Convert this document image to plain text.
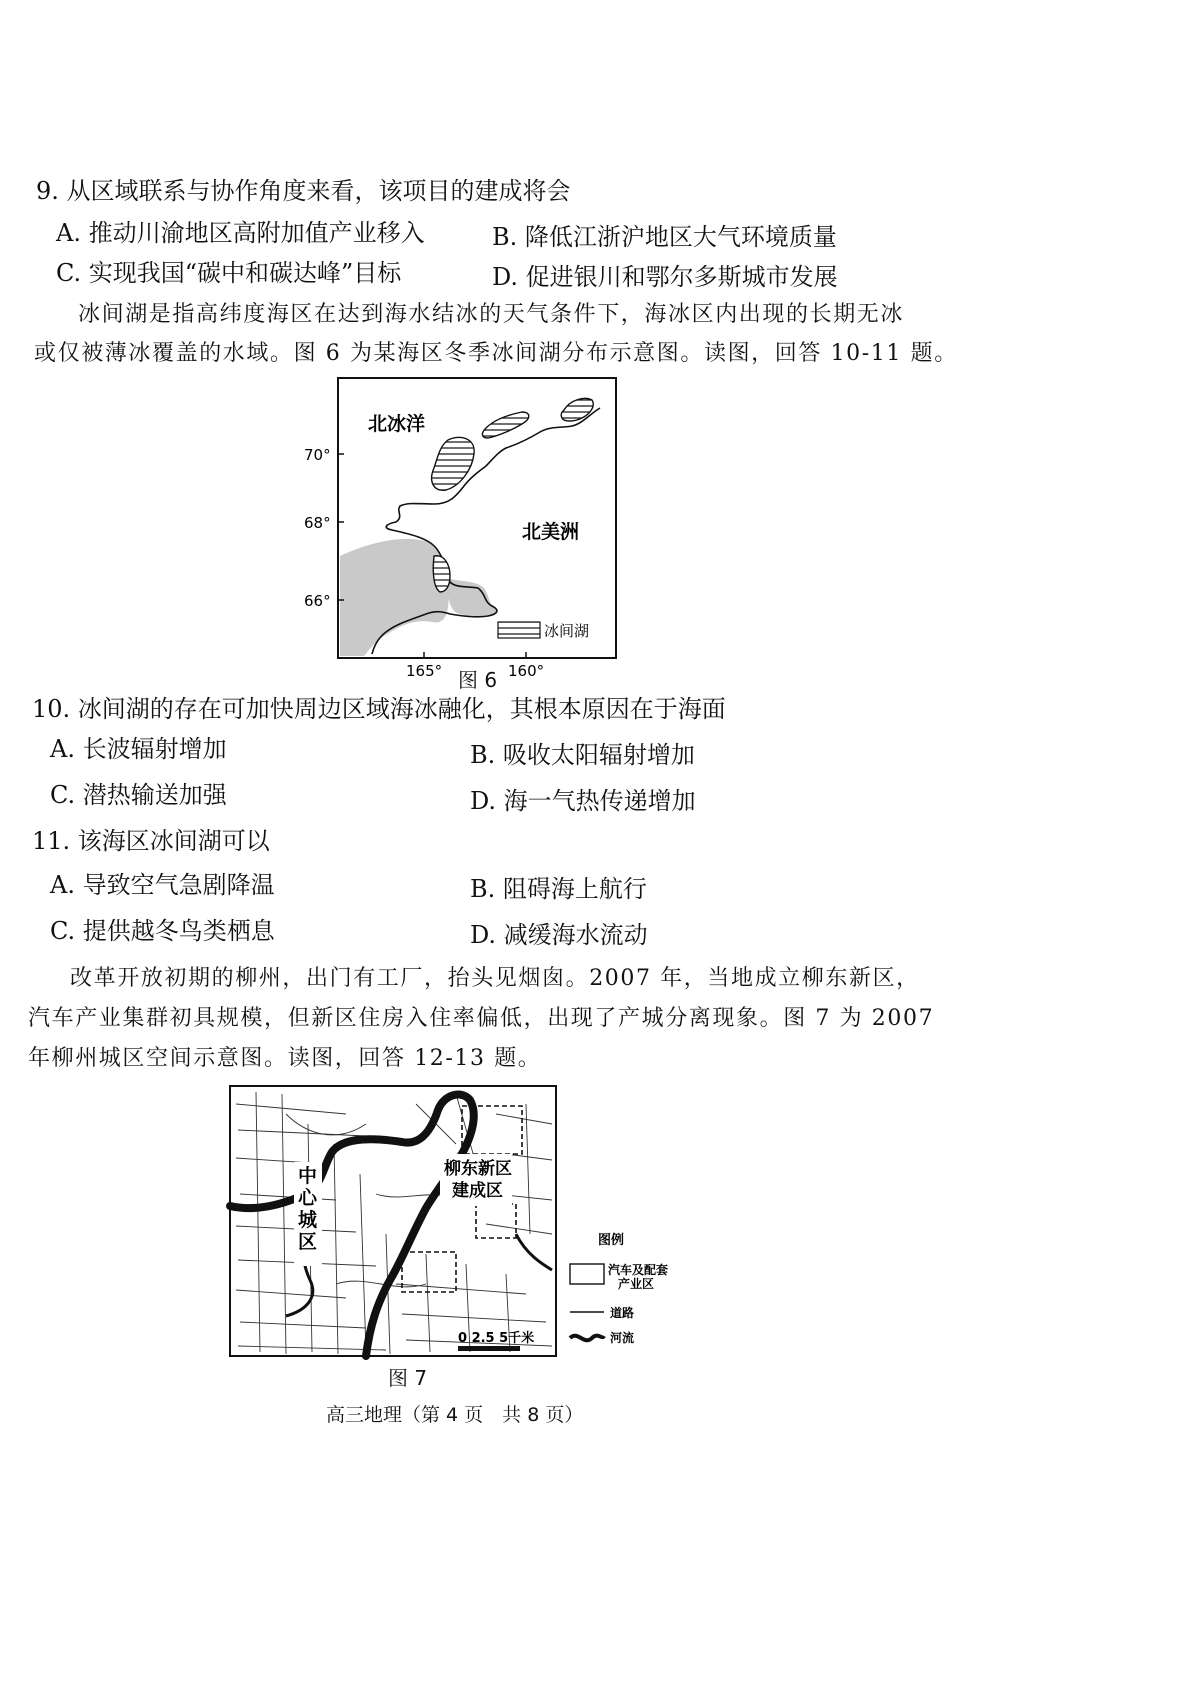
9. 从区域联系与协作角度来看，该项目的建成将会
A. 推动川渝地区高附加值产业移入	B. 降低江浙沪地区大气环境质量
C. 实现我国“碳中和碳达峰”目标	D. 促进银川和鄂尔多斯城市发展
冰间湖是指高纬度海区在达到海水结冰的天气条件下，海冰区内出现的长期无冰
或仅被薄冰覆盖的水域。图 6 为某海区冬季冰间湖分布示意图。读图，回答 10-11 题。
北冰洋
北美洲
70°
68°
66°
165°	160°
冰间湖
图 6
10. 冰间湖的存在可加快周边区域海冰融化，其根本原因在于海面
A. 长波辐射增加	B. 吸收太阳辐射增加
C. 潜热输送加强	D. 海一气热传递增加
11. 该海区冰间湖可以
A. 导致空气急剧降温	B. 阻碍海上航行
C. 提供越冬鸟类栖息	D. 减缓海水流动
改革开放初期的柳州，出门有工厂，抬头见烟囱。2007 年，当地成立柳东新区，
汽车产业集群初具规模，但新区住房入住率偏低，出现了产城分离现象。图 7 为 2007
年柳州城区空间示意图。读图，回答 12-13 题。
柳东新区 建成区
中 心 城 区
0 2.5 5千米
图例
汽车及配套 产业区
道路
河流
图 7
高三地理（第 4 页　共 8 页）
